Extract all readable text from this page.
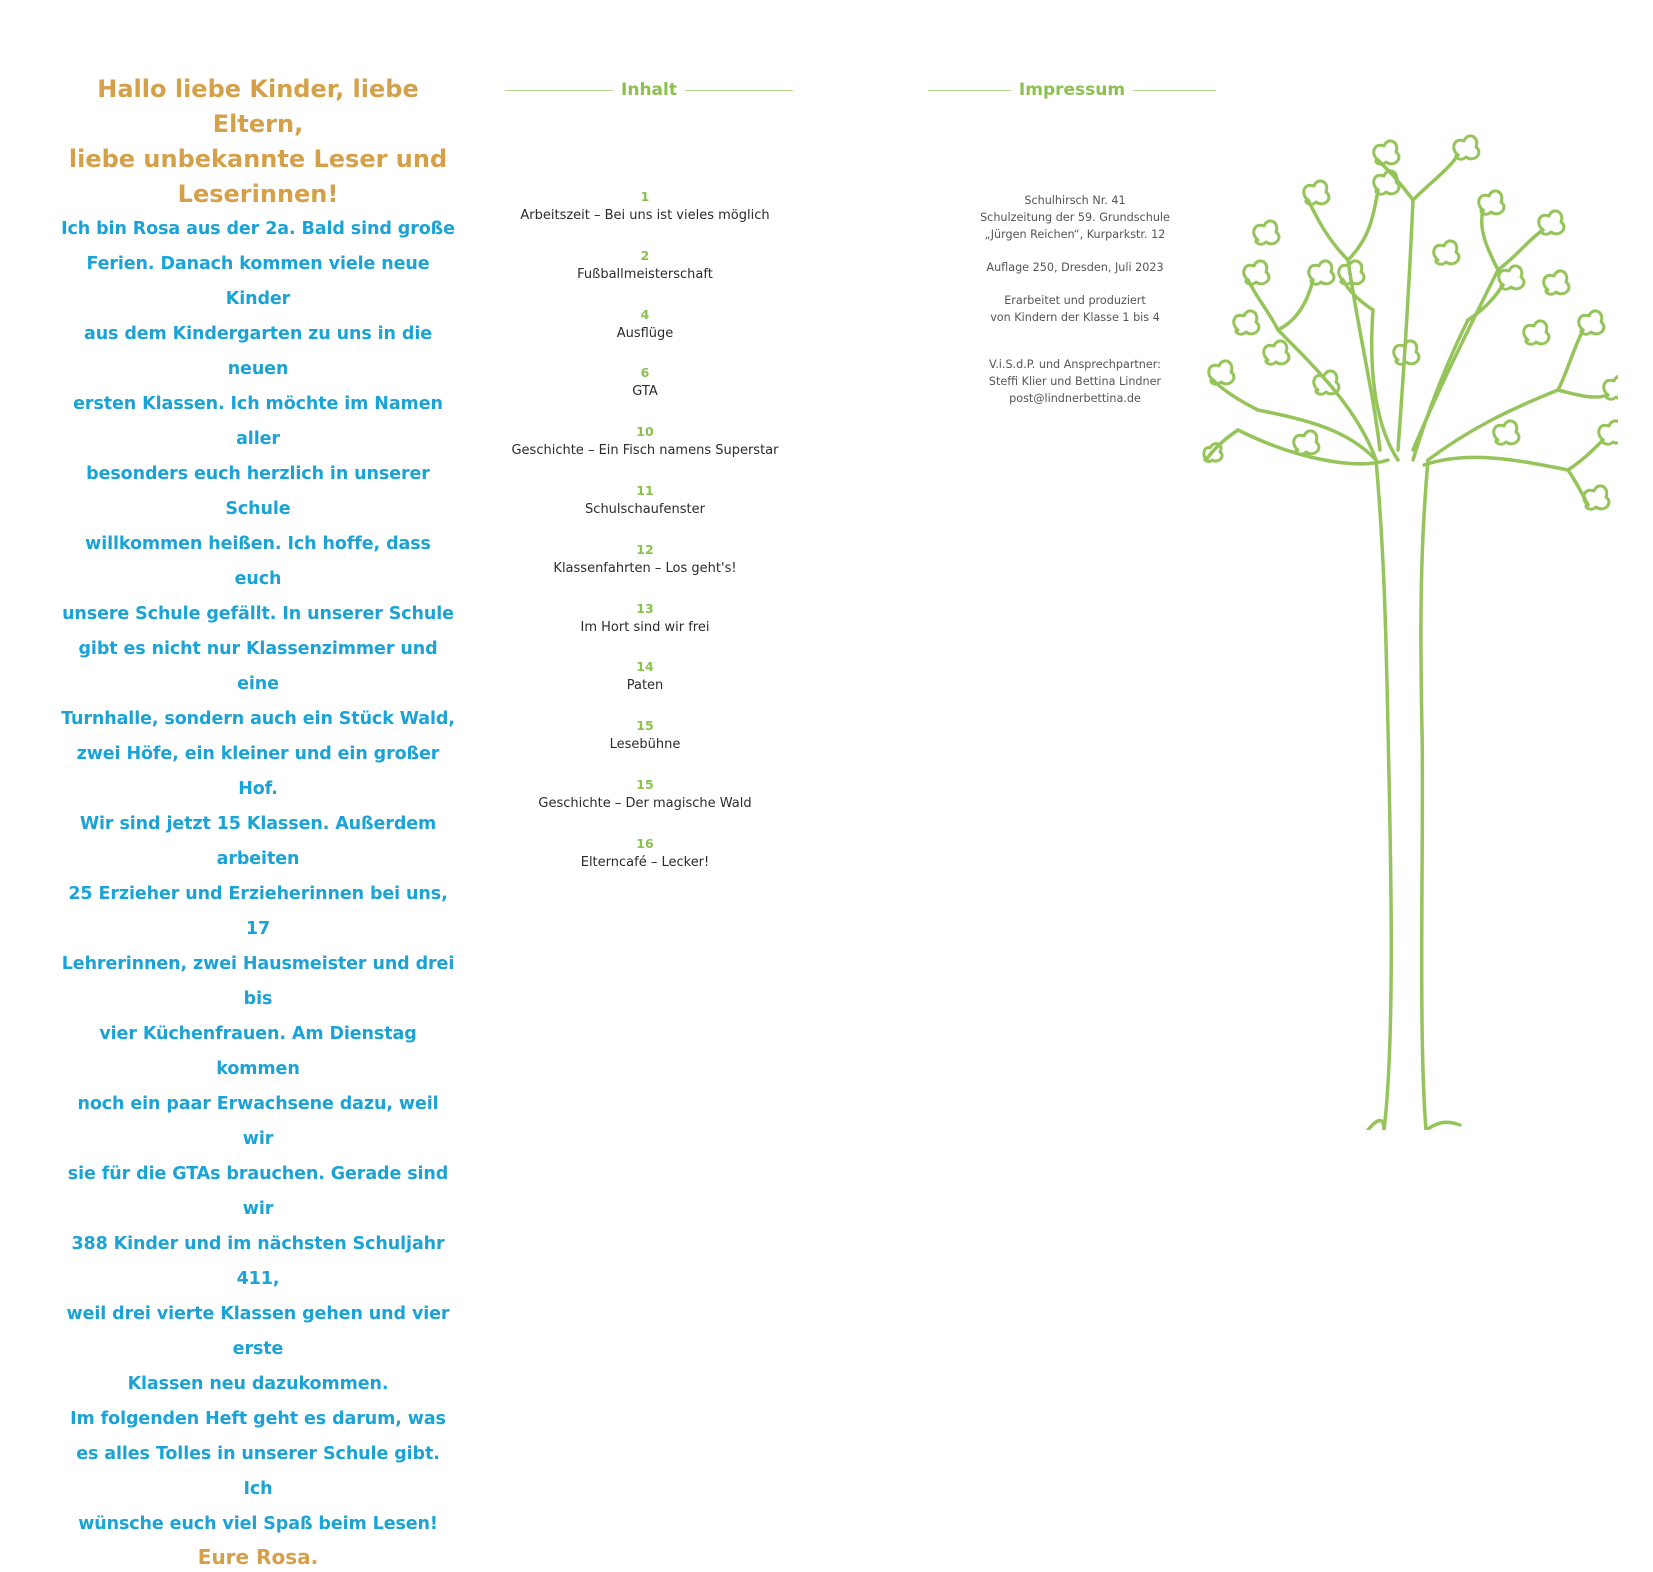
Hallo liebe Kinder, liebe Eltern,
liebe unbekannte Leser und
Leserinnen!
Ich bin Rosa aus der 2a. Bald sind große
Ferien. Danach kommen viele neue Kinder
aus dem Kindergarten zu uns in die neuen
ersten Klassen. Ich möchte im Namen aller
besonders euch herzlich in unserer Schule
willkommen heißen. Ich hoffe, dass euch
unsere Schule gefällt. In unserer Schule
gibt es nicht nur Klassenzimmer und eine
Turnhalle, sondern auch ein Stück Wald,
zwei Höfe, ein kleiner und ein großer Hof.
Wir sind jetzt 15 Klassen. Außerdem arbeiten
25 Erzieher und Erzieherinnen bei uns, 17
Lehrerinnen, zwei Hausmeister und drei bis
vier Küchenfrauen. Am Dienstag kommen
noch ein paar Erwachsene dazu, weil wir
sie für die GTAs brauchen. Gerade sind wir
388 Kinder und im nächsten Schuljahr 411,
weil drei vierte Klassen gehen und vier erste
Klassen neu dazukommen.
Im folgenden Heft geht es darum, was
es alles Tolles in unserer Schule gibt. Ich
wünsche euch viel Spaß beim Lesen!
Eure Rosa.
Inhalt
1
Arbeitszeit – Bei uns ist vieles möglich
2
Fußballmeisterschaft
4
Ausflüge
6
GTA
10
Geschichte – Ein Fisch namens Superstar
11
Schulschaufenster
12
Klassenfahrten – Los geht's!
13
Im Hort sind wir frei
14
Paten
15
Lesebühne
15
Geschichte – Der magische Wald
16
Elterncafé – Lecker!
Impressum
Schulhirsch Nr. 41
Schulzeitung der 59. Grundschule
„Jürgen Reichen“, Kurparkstr. 12
Auflage 250, Dresden, Juli 2023
Erarbeitet und produziert
von Kindern der Klasse 1 bis 4
V.i.S.d.P. und Ansprechpartner:
Steffi Klier und Bettina Lindner
post@lindnerbettina.de
